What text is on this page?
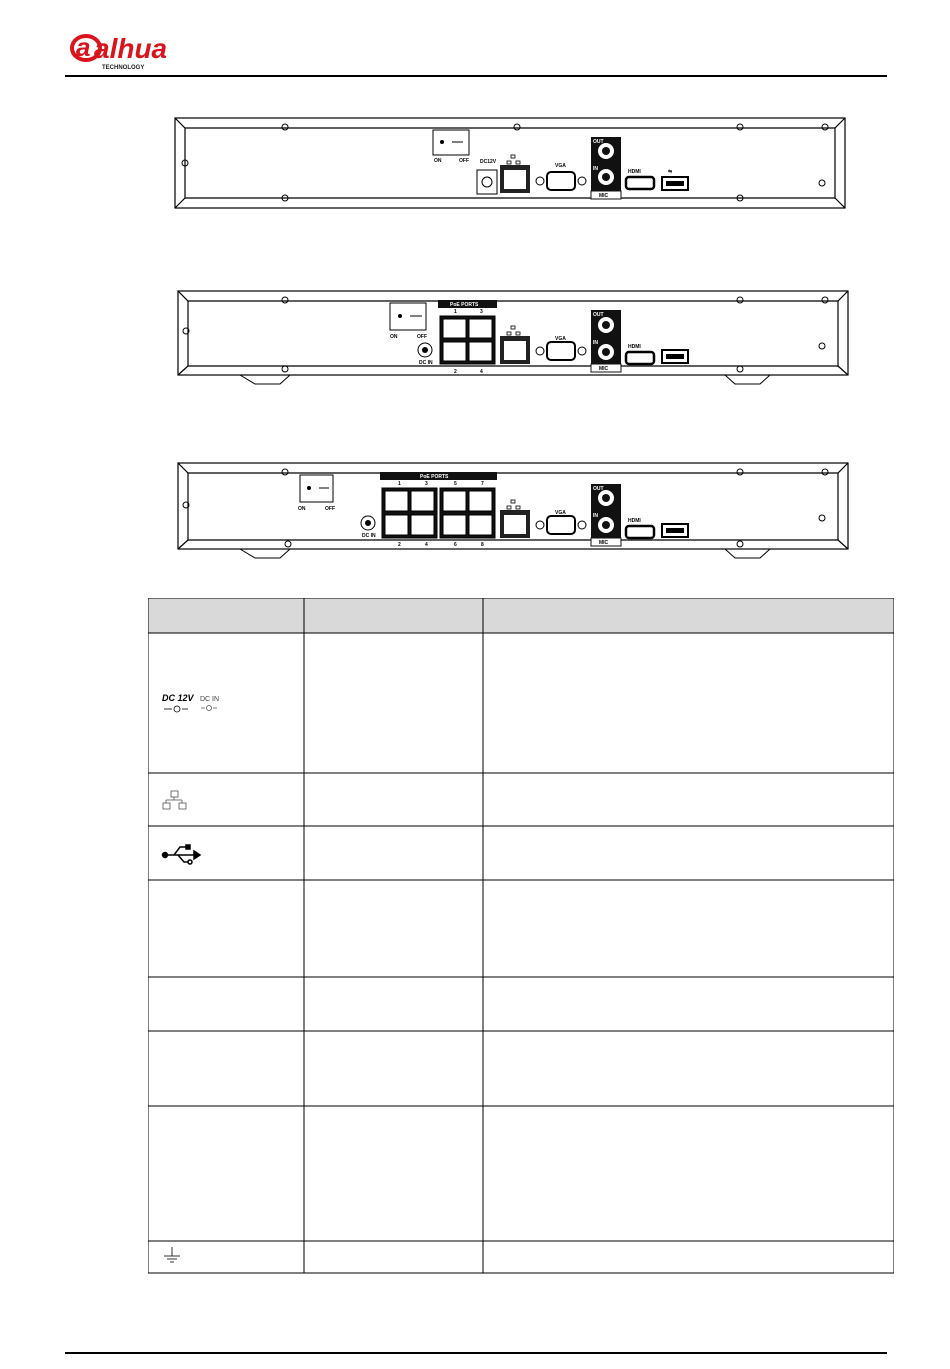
a alhua
TECHNOLOGY
ON	OFF DC12V
VGA
OUT
IN
MIC
HDMI	⇋
ON	OFF
DC IN
PoE PORTS
1	3
2	4
VGA
OUT
IN
MIC
HDMI
ON	OFF
DC IN
PoE PORTS
1	3	5	7
2	4	6	8
VGA
OUT
IN
MIC
HDMI
DC 12V DC IN
